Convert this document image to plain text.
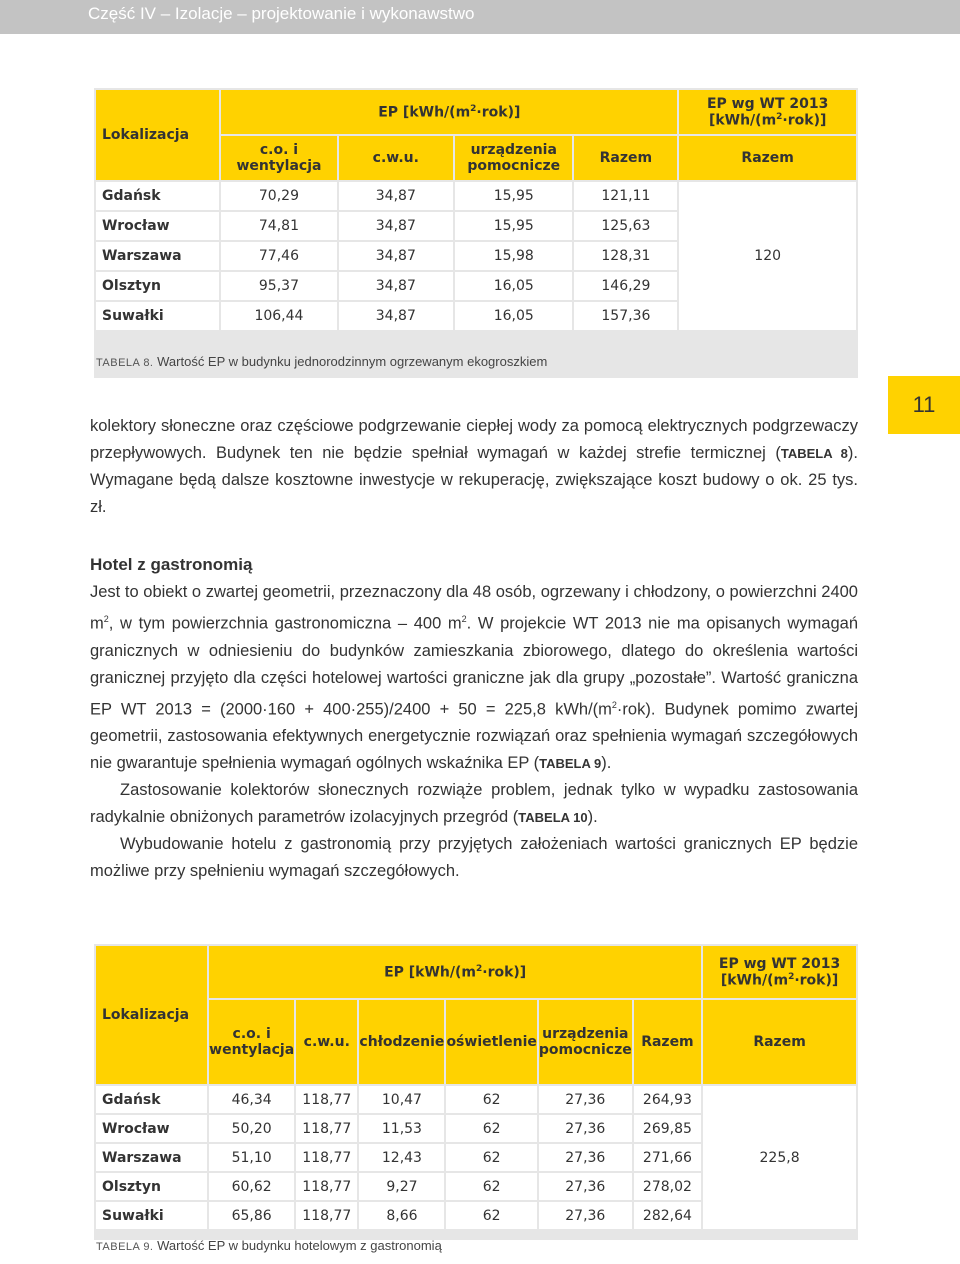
Część IV – Izolacje – projektowanie i wykonawstwo
11
Lokalizacja	EP $[kWh/(m^2\cdot rok)]$				EP wg WT 2013 $[kWh/(m^2\cdot rok)]$
	c.o. i wentylacja	c.w.u.	urządzenia pomocnicze	Razem	Razem
Gdańsk	70,29	34,87	15,95	121,11	120
Wrocław	74,81	34,87	15,95	125,63	
Warszawa	77,46	34,87	15,98	128,31	
Olsztyn	95,37	34,87	16,05	146,29	
Suwałki	106,44	34,87	16,05	157,36	
TABELA 8. Wartość EP w budynku jednorodzinnym ogrzewanym ekogroszkiem

kolektory słoneczne oraz częściowe podgrzewanie ciepłej wody za pomocą elektrycznych podgrzewaczy przepływowych. Budynek ten nie będzie spełniał wymagań w każdej strefie termicznej (TABELA 8). Wymagane będą dalsze kosztowne inwestycje w rekuperację, zwiększające koszt budowy o ok. 25 tys. zł.

Hotel z gastronomią

Jest to obiekt o zwartej geometrii, przeznaczony dla 48 osób, ogrzewany i chłodzony, o powierzchni 2400 $m^2$, w tym powierzchnia gastronomiczna – 400 $m^2$. W projekcie WT 2013 nie ma opisanych wymagań granicznych w odniesieniu do budynków zamieszkania zbiorowego, dlatego do określenia wartości granicznej przyjęto dla części hotelowej wartości graniczne jak dla grupy „pozostałe”. Wartość graniczna EP WT 2013 = (2000·160 + 400·255)/2400 + 50 = 225,8 kWh/$(m^2\cdot rok)$. Budynek pomimo zwartej geometrii, zastosowania efektywnych energetycznie rozwiązań oraz spełnienia wymagań szczegółowych nie gwarantuje spełnienia wymagań ogólnych wskaźnika EP (TABELA 9).

Zastosowanie kolektorów słonecznych rozwiąże problem, jednak tylko w wypadku zastosowania radykalnie obniżonych parametrów izolacyjnych przegród (TABELA 10).

Wybudowanie hotelu z gastronomią przy przyjętych założeniach wartości granicznych EP będzie możliwe przy spełnieniu wymagań szczegółowych.

Lokalizacja	EP $[kWh/(m^2\cdot rok)]$						EP wg WT 2013 $[kWh/(m^2\cdot rok)]$
	c.o. i wentylacja	c.w.u.	chłodzenie	oświetlenie	urządzenia pomocnicze	Razem	Razem
Gdańsk	46,34	118,77	10,47	62	27,36	264,93	225,8
Wrocław	50,20	118,77	11,53	62	27,36	269,85	
Warszawa	51,10	118,77	12,43	62	27,36	271,66	
Olsztyn	60,62	118,77	9,27	62	27,36	278,02	
Suwałki	65,86	118,77	8,66	62	27,36	282,64	
TABELA 9. Wartość EP w budynku hotelowym z gastronomią
